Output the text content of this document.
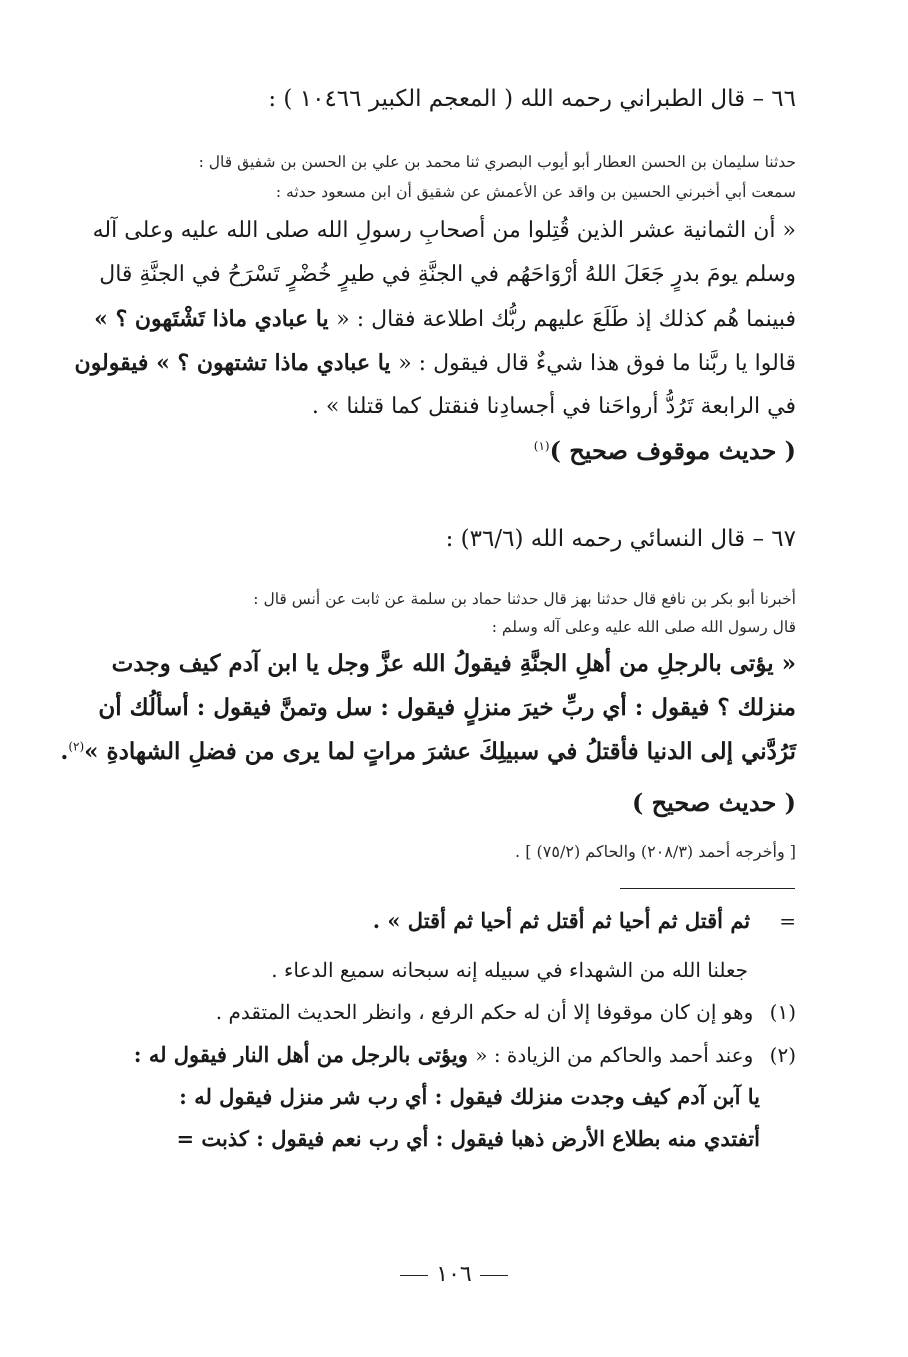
٦٦ – قال الطبراني رحمه الله ( المعجم الكبير ١٠٤٦٦ ) :
حدثنا سليمان بن الحسن العطار أبو أيوب البصري ثنا محمد بن علي بن الحسن بن شفيق قال :
سمعت أبي أخبرني الحسين بن واقد عن الأعمش عن شقيق أن ابن مسعود حدثه :
« أن الثمانية عشر الذين قُتِلوا من أصحابِ رسولِ الله صلى الله عليه وعلى آله
وسلم يومَ بدرٍ جَعَلَ اللهُ أرْوَاحَهُم في الجنَّةِ في طيرٍ خُضْرٍ تَسْرَحُ في الجنَّةِ قال
فبينما هُم كذلك إذ طَلَعَ عليهم ربُّك اطلاعة فقال : « يا عبادي ماذا تَشْتَهون ؟ »
قالوا يا ربَّنا ما فوق هذا شيءٌ قال فيقول : « يا عبادي ماذا تشتهون ؟ » فيقولون
في الرابعة تَرُدُّ أرواحَنا في أجسادِنا فنقتل كما قتلنا » .
( حديث موقوف صحيح )$^{(١)}$
٦٧ – قال النسائي رحمه الله (٣٦/٦) :
أخبرنا أبو بكر بن نافع قال حدثنا بهز قال حدثنا حماد بن سلمة عن ثابت عن أنس قال :
قال رسول الله صلى الله عليه وعلى آله وسلم :
« يؤتى بالرجلِ من أهلِ الجنَّةِ فيقولُ الله عزَّ وجل يا ابن آدم كيف وجدت
منزلك ؟ فيقول : أي ربِّ خيرَ منزلٍ فيقول : سل وتمنَّ فيقول : أسألُك أن
تَرُدَّني إلى الدنيا فأقتلُ في سبيلِكَ عشرَ مراتٍ لما يرى من فضلِ الشهادةِ »$^{(٢)}$.
( حديث صحيح )
[ وأخرجه أحمد (٢٠٨/٣) والحاكم (٧٥/٢) ] .
= ثم أقتل ثم أحيا ثم أقتل ثم أحيا ثم أقتل » .
جعلنا الله من الشهداء في سبيله إنه سبحانه سميع الدعاء .
(١) وهو إن كان موقوفا إلا أن له حكم الرفع ، وانظر الحديث المتقدم .
(٢) وعند أحمد والحاكم من الزيادة : « ويؤتى بالرجل من أهل النار فيقول له :
يا آبن آدم كيف وجدت منزلك فيقول : أي رب شر منزل فيقول له :
أتفتدي منه بطلاع الأرض ذهبا فيقول : أي رب نعم فيقول : كذبت =
١٠٦
